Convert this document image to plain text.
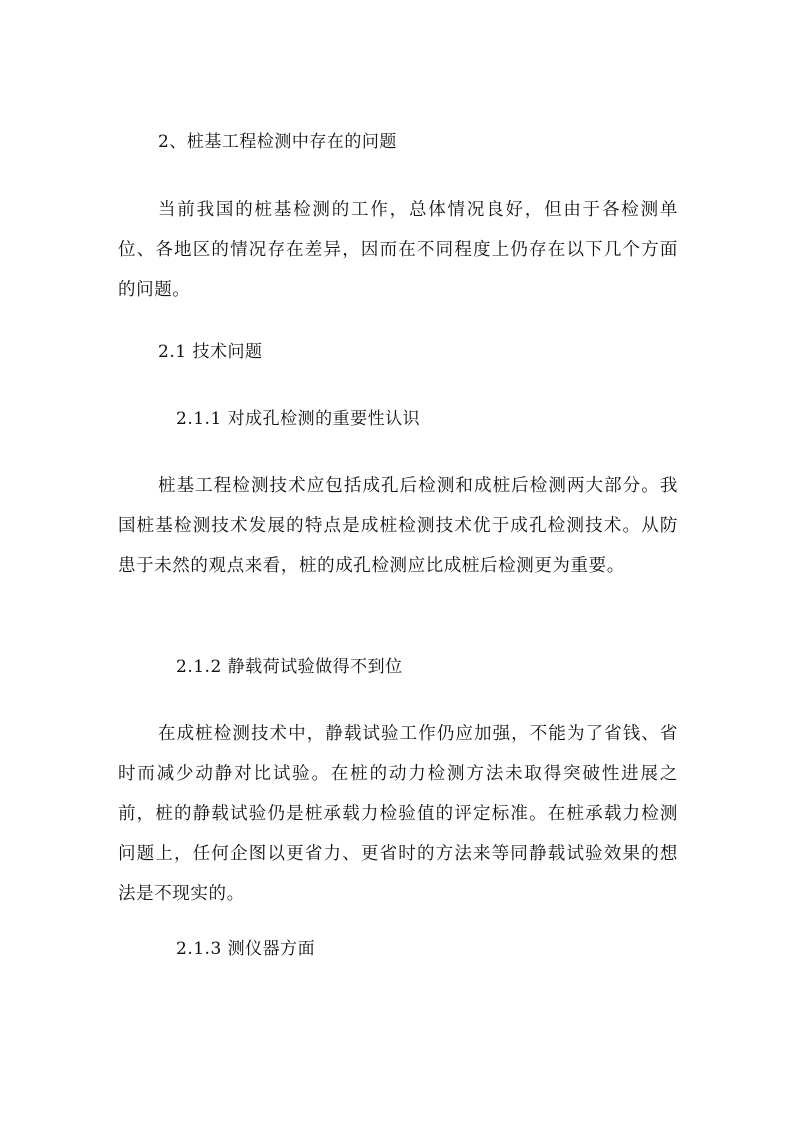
2、桩基工程检测中存在的问题
当前我国的桩基检测的工作，总体情况良好，但由于各检测单位、各地区的情况存在差异，因而在不同程度上仍存在以下几个方面的问题。
2.1 技术问题
2.1.1 对成孔检测的重要性认识
桩基工程检测技术应包括成孔后检测和成桩后检测两大部分。我国桩基检测技术发展的特点是成桩检测技术优于成孔检测技术。从防患于未然的观点来看，桩的成孔检测应比成桩后检测更为重要。
2.1.2 静载荷试验做得不到位
在成桩检测技术中，静载试验工作仍应加强，不能为了省钱、省时而减少动静对比试验。在桩的动力检测方法未取得突破性进展之前，桩的静载试验仍是桩承载力检验值的评定标准。在桩承载力检测问题上，任何企图以更省力、更省时的方法来等同静载试验效果的想法是不现实的。
2.1.3 测仪器方面
